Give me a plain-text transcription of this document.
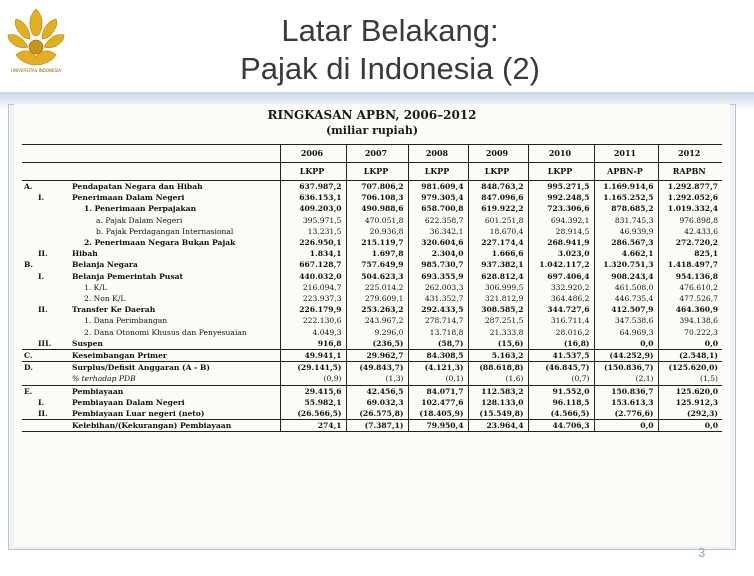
UNIVERSITAS INDONESIA
Latar Belakang:
Pajak di Indonesia (2)
RINGKASAN APBN, 2006–2012
(miliar rupiah)
			2006	2007	2008	2009	2010	2011	2012
			LKPP	LKPP	LKPP	LKPP	LKPP	APBN-P	RAPBN
A.		Pendapatan Negara dan Hibah	637.987,2	707.806,2	981.609,4	848.763,2	995.271,5	1.169.914,6	1.292.877,7
	I.	Penerimaan Dalam Negeri	636.153,1	706.108,3	979.305,4	847.096,6	992.248,5	1.165.252,5	1.292.052,6
		1. Penerimaan Perpajakan	409.203,0	490.988,6	658.700,8	619.922,2	723.306,6	878.685,2	1.019.332,4
		a. Pajak Dalam Negeri	395.971,5	470.051,8	622.358,7	601.251,8	694.392,1	831.745,3	976.898,8
		b. Pajak Perdagangan Internasional	13.231,5	20.936,8	36.342,1	18.670,4	28.914,5	46.939,9	42.433,6
		2. Penerimaan Negara Bukan Pajak	226.950,1	215.119,7	320.604,6	227.174,4	268.941,9	286.567,3	272.720,2
	II.	Hibah	1.834,1	1.697,8	2.304,0	1.666,6	3.023,0	4.662,1	825,1
B.		Belanja Negara	667.128,7	757.649,9	985.730,7	937.382,1	1.042.117,2	1.320.751,3	1.418.497,7
	I.	Belanja Pemerintah Pusat	440.032,0	504.623,3	693.355,9	628.812,4	697.406,4	908.243,4	954.136,8
		1. K/L	216.094,7	225.014,2	262.003,3	306.999,5	332.920,2	461.508,0	476.610,2
		2. Non K/L	223.937,3	279.609,1	431.352,7	321.812,9	364.486,2	446.735,4	477.526,7
	II.	Transfer Ke Daerah	226.179,9	253.263,2	292.433,5	308.585,2	344.727,6	412.507,9	464.360,9
		1. Dana Perimbangan	222.130,6	243.967,2	278.714,7	287.251,5	316.711,4	347.538,6	394.138,6
		2. Dana Otonomi Khusus dan Penyesuaian	4.049,3	9.296,0	13.718,8	21.333,8	28.016,2	64.969,3	70.222,3
	III.	Suspen	916,8	(236,5)	(58,7)	(15,6)	(16,8)	0,0	0,0
C.		Keseimbangan Primer	49.941,1	29.962,7	84.308,5	5.163,2	41.537,5	(44.252,9)	(2.548,1)
D.		Surplus/Defisit Anggaran (A - B)	(29.141,5)	(49.843,7)	(4.121,3)	(88.618,8)	(46.845,7)	(150.836,7)	(125.620,0)
		% terhadap PDB	(0,9)	(1,3)	(0,1)	(1,6)	(0,7)	(2,1)	(1,5)
E.		Pembiayaan	29.415,6	42.456,5	84.071,7	112.583,2	91.552,0	150.836,7	125.620,0
	I.	Pembiayaan Dalam Negeri	55.982,1	69.032,3	102.477,6	128.133,0	96.118,5	153.613,3	125.912,3
	II.	Pembiayaan Luar negeri (neto)	(26.566,5)	(26.575,8)	(18.405,9)	(15.549,8)	(4.566,5)	(2.776,6)	(292,3)
		Kelebihan/(Kekurangan) Pembiayaan	274,1	(7.387,1)	79.950,4	23.964,4	44.706,3	0,0	0,0
3
